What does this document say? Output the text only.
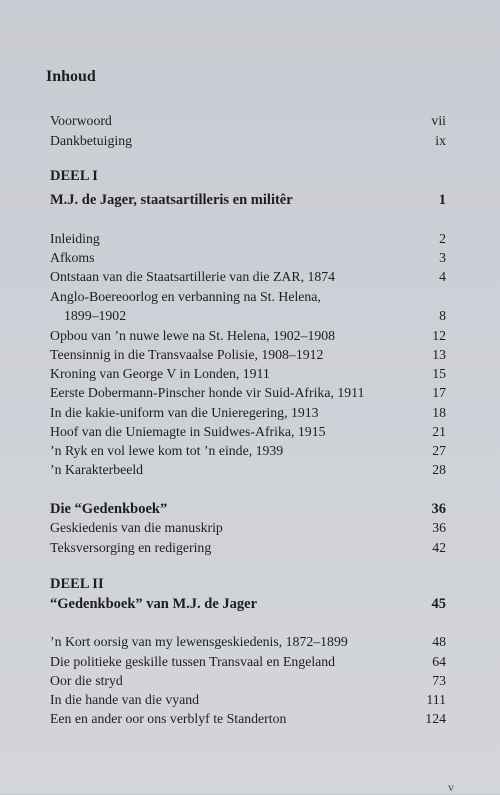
Inhoud
Voorwoord	vii
Dankbetuiging	ix
DEEL I
M.J. de Jager, staatsartilleris en militêr	1
Inleiding	2
Afkoms	3
Ontstaan van die Staatsartillerie van die ZAR, 1874	4
Anglo-Boereoorlog en verbanning na St. Helena,
1899–1902	8
Opbou van ’n nuwe lewe na St. Helena, 1902–1908	12
Teensinnig in die Transvaalse Polisie, 1908–1912	13
Kroning van George V in Londen, 1911	15
Eerste Dobermann-Pinscher honde vir Suid-Afrika, 1911	17
In die kakie-uniform van die Unieregering, 1913	18
Hoof van die Uniemagte in Suidwes-Afrika, 1915	21
’n Ryk en vol lewe kom tot ’n einde, 1939	27
’n Karakterbeeld	28
Die “Gedenkboek”	36
Geskiedenis van die manuskrip	36
Teksversorging en redigering	42
DEEL II
“Gedenkboek” van M.J. de Jager	45
’n Kort oorsig van my lewensgeskiedenis, 1872–1899	48
Die politieke geskille tussen Transvaal en Engeland	64
Oor die stryd	73
In die hande van die vyand	111
Een en ander oor ons verblyf te Standerton	124
v
